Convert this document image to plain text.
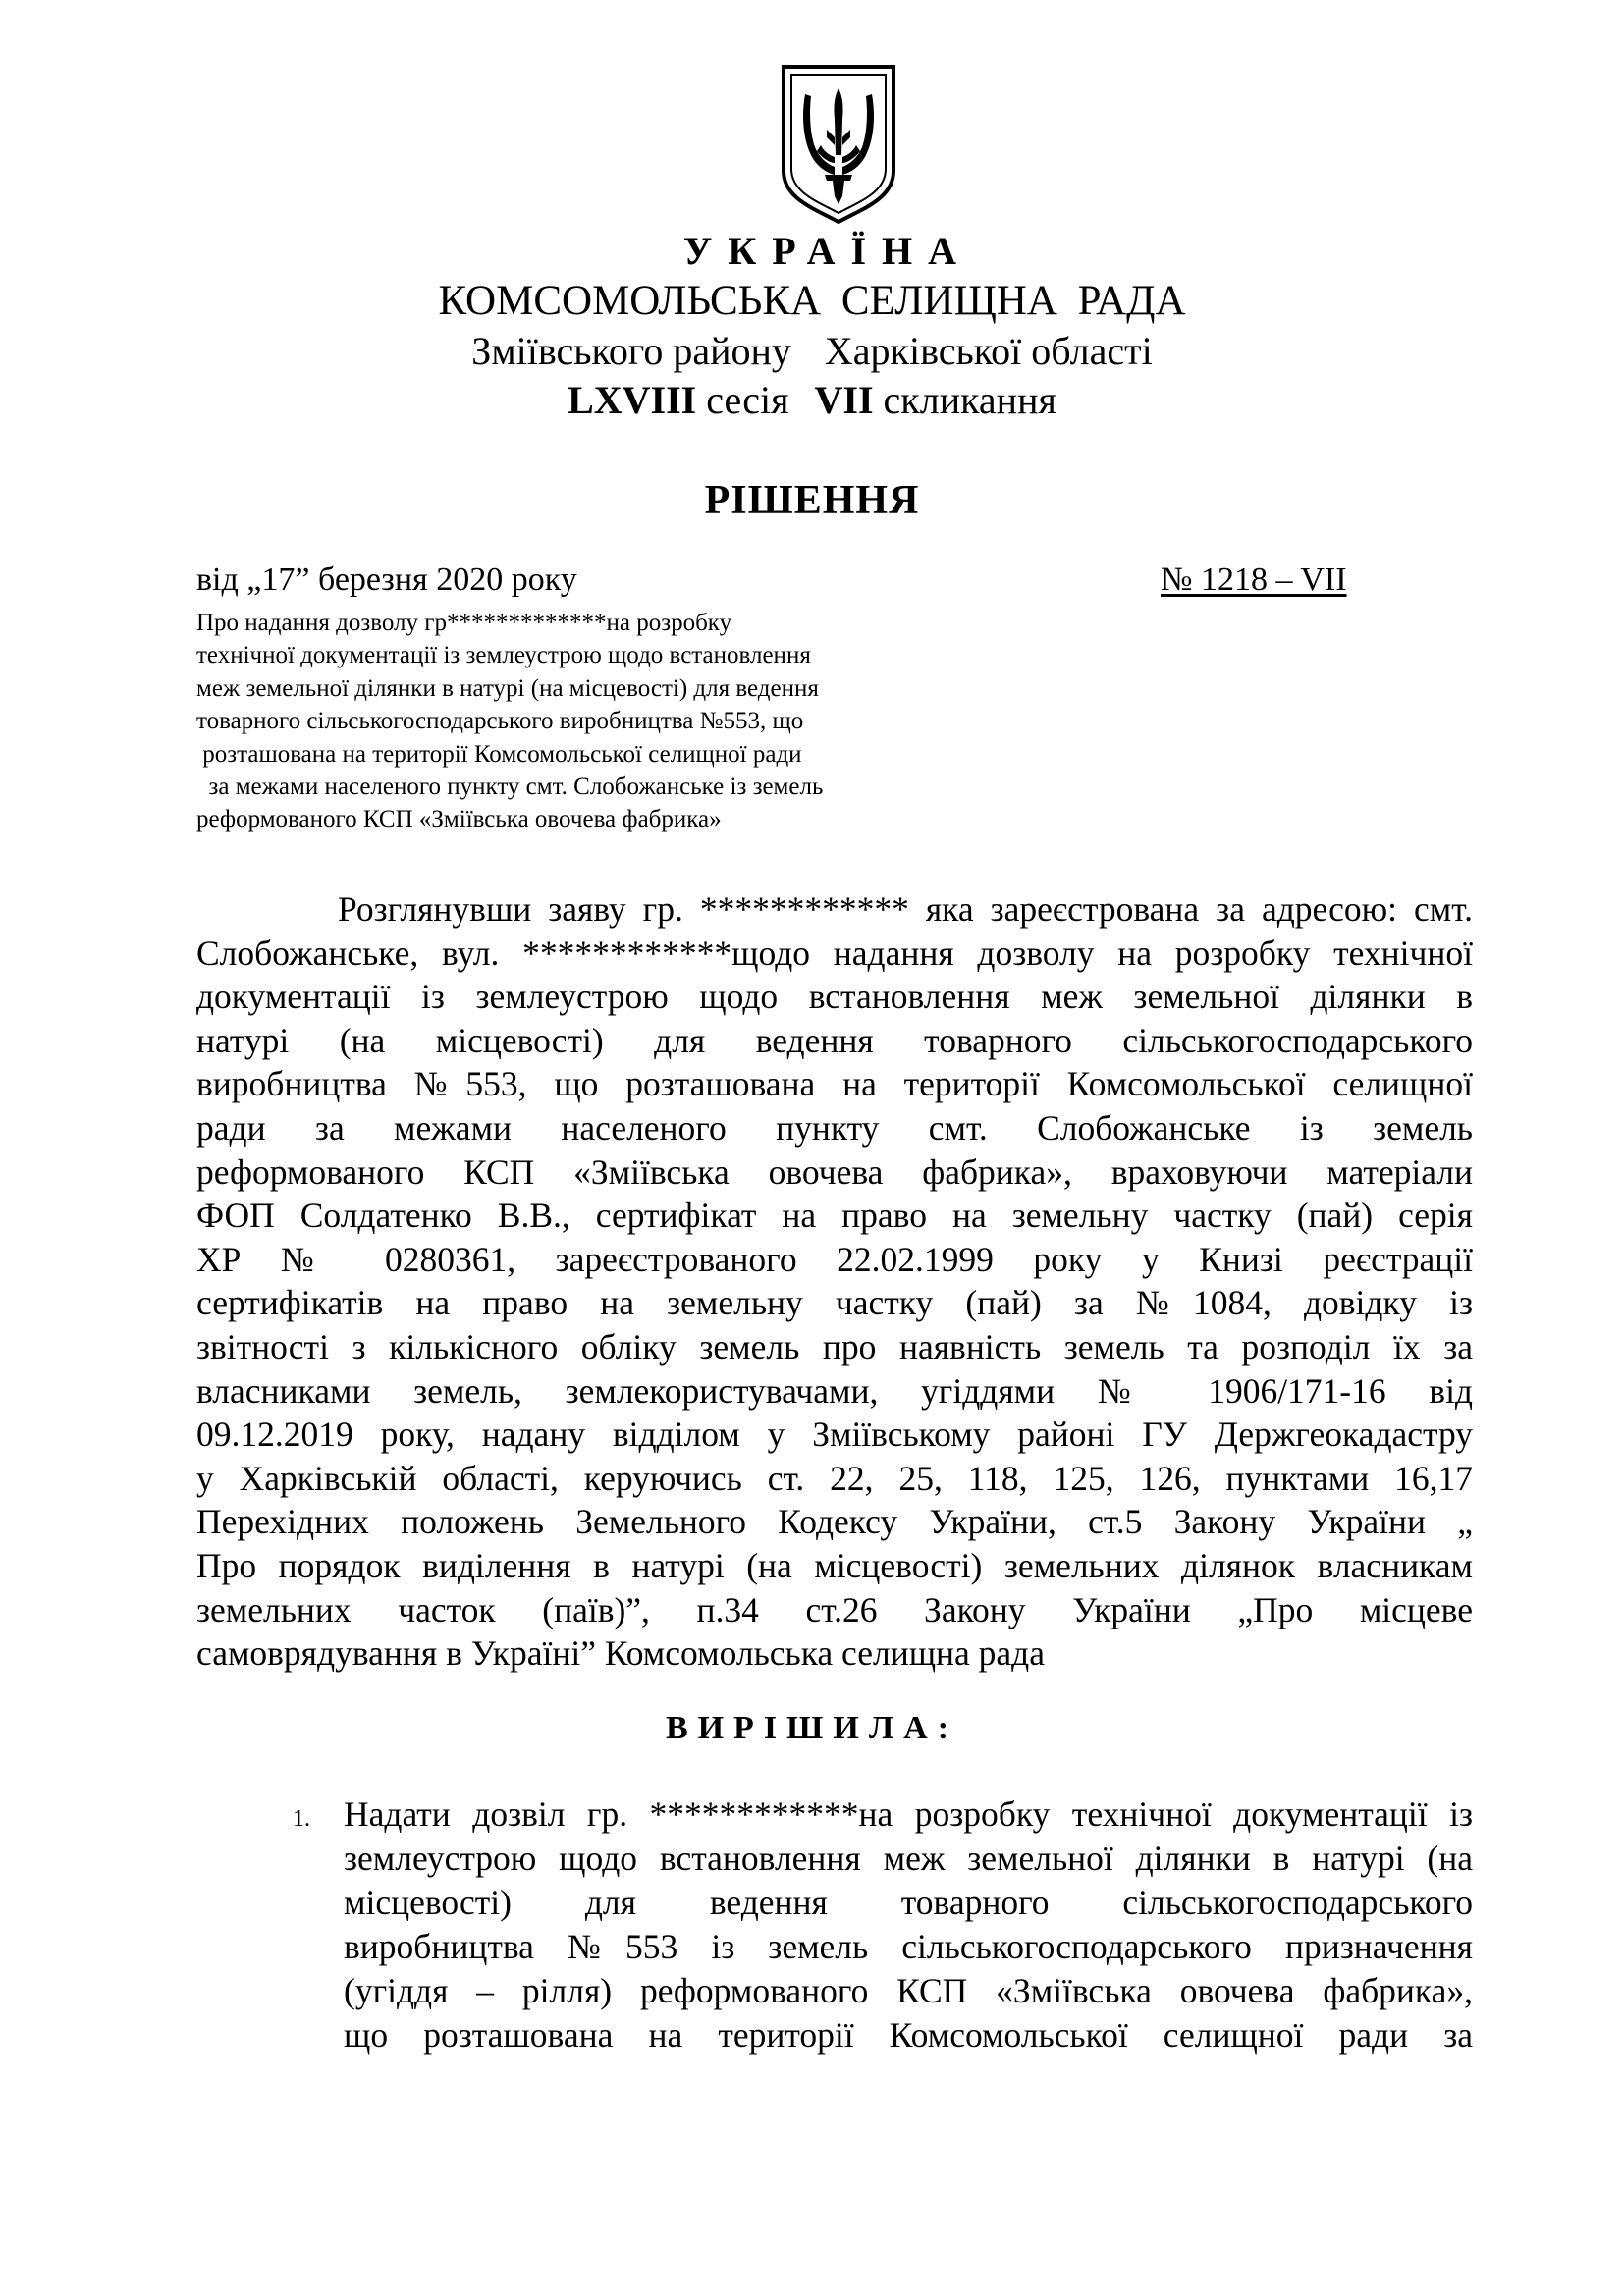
УКРАЇНА
КОМСОМОЛЬСЬКА СЕЛИЩНА РАДА
Зміївського району Харківської області
LXVIII сесія VII скликання
РІШЕННЯ
від „17” березня 2020 року	№ 1218 – VII
Про надання дозволу гр*************на розробку
технічної документації із землеустрою щодо встановлення
меж земельної ділянки в натурі (на місцевості) для ведення
товарного сільськогосподарського виробництва №553, що
розташована на території Комсомольської селищної ради
за межами населеного пункту смт. Слобожанське із земель
реформованого КСП «Зміївська овочева фабрика»
Розглянувши заяву гр. ************ яка зареєстрована за адресою: смт.
Слобожанське, вул. ************щодо надання дозволу на розробку технічної
документації із землеустрою щодо встановлення меж земельної ділянки в
натурі (на місцевості) для ведення товарного сільськогосподарського
виробництва №553, що розташована на території Комсомольської селищної
ради за межами населеного пункту смт. Слобожанське із земель
реформованого КСП «Зміївська овочева фабрика», враховуючи матеріали
ФОП Солдатенко В.В., сертифікат на право на земельну частку (пай) серія
ХР № 0280361, зареєстрованого 22.02.1999 року у Книзі реєстрації
сертифікатів на право на земельну частку (пай) за №1084, довідку із
звітності з кількісного обліку земель про наявність земель та розподіл їх за
власниками земель, землекористувачами, угіддями № 1906/171-16 від
09.12.2019 року, надану відділом у Зміївському районі ГУ Держгеокадастру
у Харківській області, керуючись ст. 22, 25, 118, 125, 126, пунктами 16,17
Перехідних положень Земельного Кодексу України, ст.5 Закону України „
Про порядок виділення в натурі (на місцевості) земельних ділянок власникам
земельних часток (паїв)”, п.34 ст.26 Закону України „Про місцеве
самоврядування в Україні” Комсомольська селищна рада
ВИРІШИЛА:
1. Надати дозвіл гр. ************на розробку технічної документації із
землеустрою щодо встановлення меж земельної ділянки в натурі (на
місцевості) для ведення товарного сільськогосподарського
виробництва №553 із земель сільськогосподарського призначення
(угіддя – рілля) реформованого КСП «Зміївська овочева фабрика»,
що розташована на території Комсомольської селищної ради за
